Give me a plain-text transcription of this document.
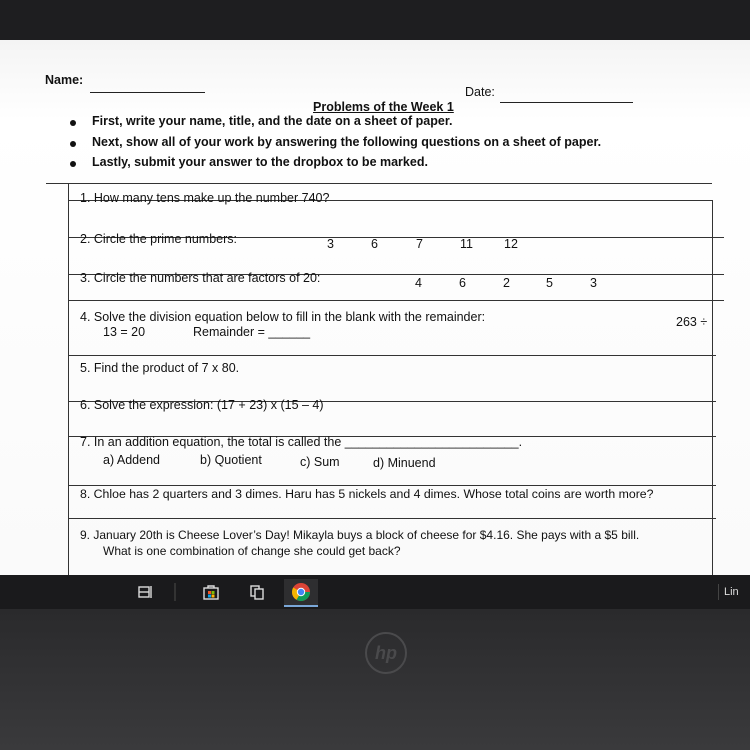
Name:
Date:
Problems of the Week 1
First, write your name, title, and the date on a sheet of paper.
Next, show all of your work by answering the following questions on a sheet of paper.
Lastly, submit your answer to the dropbox to be marked.
1. How many tens make up the number 740?
2. Circle the prime numbers:	3	6	7	11 12
3. Circle the numbers that are factors of 20:	4	6	2	5	3
4. Solve the division equation below to fill in the blank with the remainder:	263 ÷
13 = 20	Remainder = ______
5. Find the product of 7 x 80.
6. Solve the expression: (17 + 23) x (15 – 4)
7. In an addition equation, the total is called the _________________________.
a) Addend	b) Quotient	c) Sum	d) Minuend
8. Chloe has 2 quarters and 3 dimes. Haru has 5 nickels and 4 dimes. Whose total coins are worth more?
9. January 20th is Cheese Lover’s Day! Mikayla buys a block of cheese for $4.16. She pays with a $5 bill.
What is one combination of change she could get back?
Lin
hp
